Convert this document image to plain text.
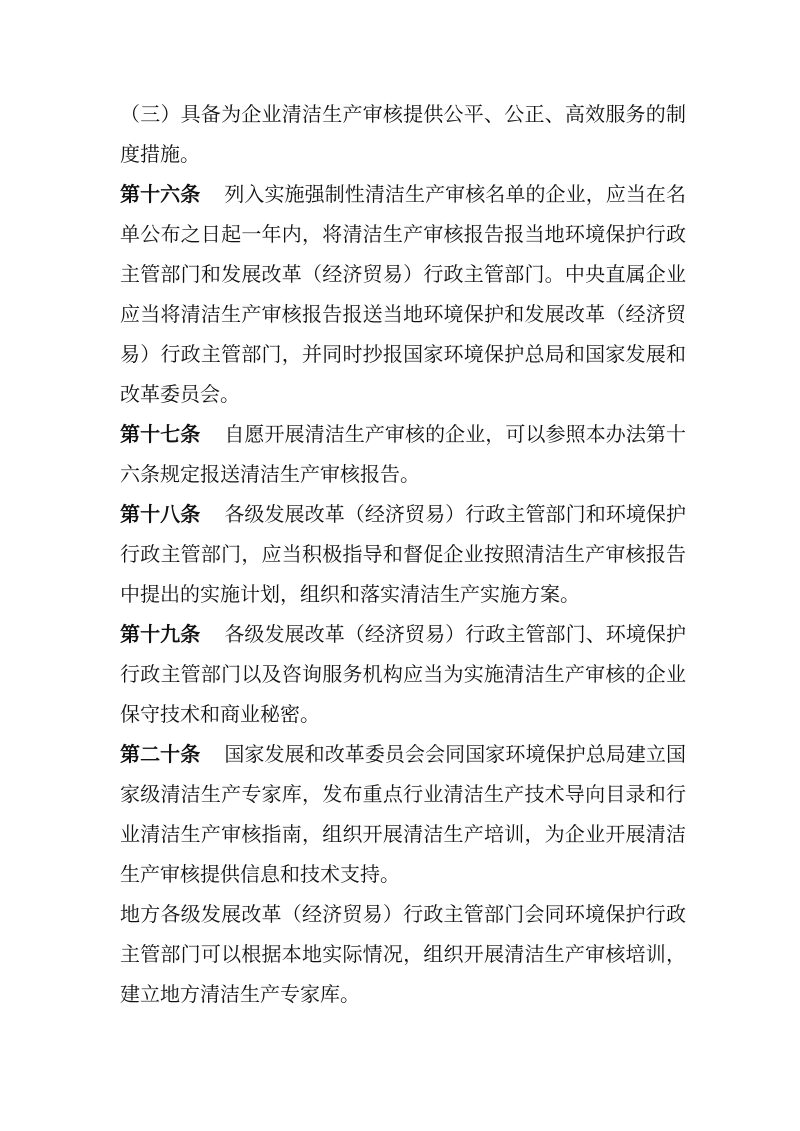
（三）具备为企业清洁生产审核提供公平、公正、高效服务的制度措施。

第十六条 列入实施强制性清洁生产审核名单的企业，应当在名单公布之日起一年内，将清洁生产审核报告报当地环境保护行政主管部门和发展改革（经济贸易）行政主管部门。中央直属企业应当将清洁生产审核报告报送当地环境保护和发展改革（经济贸易）行政主管部门，并同时抄报国家环境保护总局和国家发展和改革委员会。

第十七条 自愿开展清洁生产审核的企业，可以参照本办法第十六条规定报送清洁生产审核报告。

第十八条 各级发展改革（经济贸易）行政主管部门和环境保护行政主管部门，应当积极指导和督促企业按照清洁生产审核报告中提出的实施计划，组织和落实清洁生产实施方案。

第十九条 各级发展改革（经济贸易）行政主管部门、环境保护行政主管部门以及咨询服务机构应当为实施清洁生产审核的企业保守技术和商业秘密。

第二十条 国家发展和改革委员会会同国家环境保护总局建立国家级清洁生产专家库，发布重点行业清洁生产技术导向目录和行业清洁生产审核指南，组织开展清洁生产培训，为企业开展清洁生产审核提供信息和技术支持。

地方各级发展改革（经济贸易）行政主管部门会同环境保护行政主管部门可以根据本地实际情况，组织开展清洁生产审核培训，建立地方清洁生产专家库。
